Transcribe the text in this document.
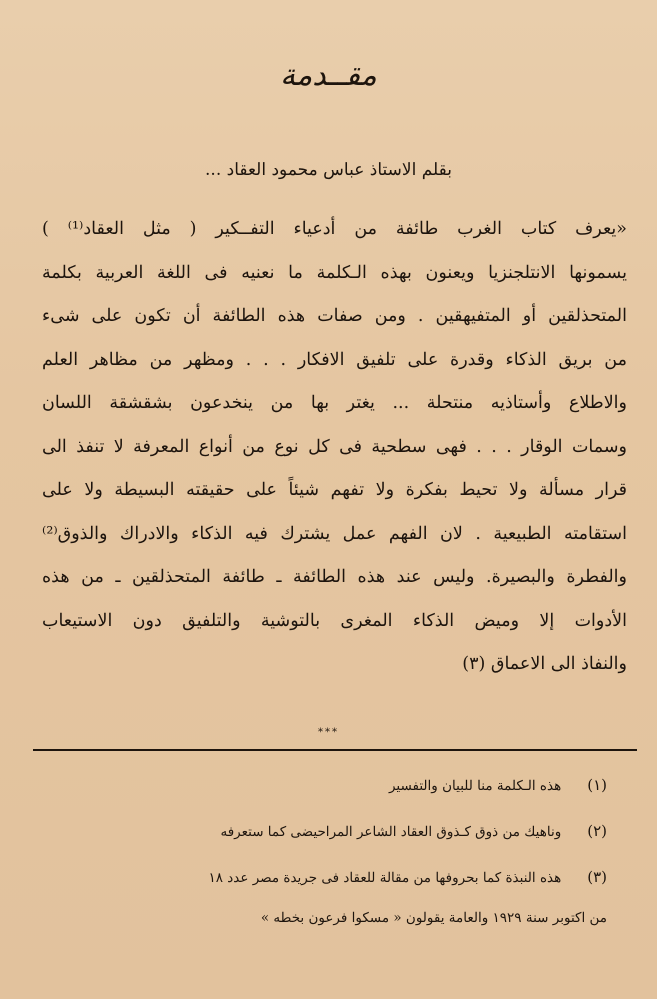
مقــدمة
بقلم الاستاذ عباس محمود العقاد ...
«يعرف كتاب الغرب طائفة من أدعياء التفــكير ( مثل العقاد⁽¹⁾ )
يسمونها الانتلجنزيا ويعنون بهذه الـكلمة ما نعنيه فى اللغة العربية بكلمة
المتحذلقين أو المتفيهقين . ومن صفات هذه الطائفة أن تكون على شىء
من بريق الذكاء وقدرة على تلفيق الافكار . . . ومظهر من مظاهر العلم
والاطلاع وأستاذيه منتحلة ... يغتر بها من ينخدعون بشقشقة اللسان
وسمات الوقار . . . فهى سطحية فى كل نوع من أنواع المعرفة لا تنفذ الى
قرار مسألة ولا تحيط بفكرة ولا تفهم شيئاً على حقيقته البسيطة ولا على
استقامته الطبيعية . لان الفهم عمل يشترك فيه الذكاء والادراك والذوق⁽²⁾
والفطرة والبصيرة. وليس عند هذه الطائفة ـ طائفة المتحذلقين ـ من هذه
الأدوات إلا وميض الذكاء المغرى بالتوشية والتلفيق دون الاستيعاب
والنفاذ الى الاعماق (٣)
***
(١)هذه الـكلمة منا للبيان والتفسير
(٢)وناهيك من ذوق كـذوق العقاد الشاعر المراحيضى كما ستعرفه
(٣)هذه النبذة كما بحروفها من مقالة للعقاد فى جريدة مصر عدد ١٨
من اكتوبر سنة ١٩٢٩ والعامة يقولون « مسكوا فرعون بخطه »
